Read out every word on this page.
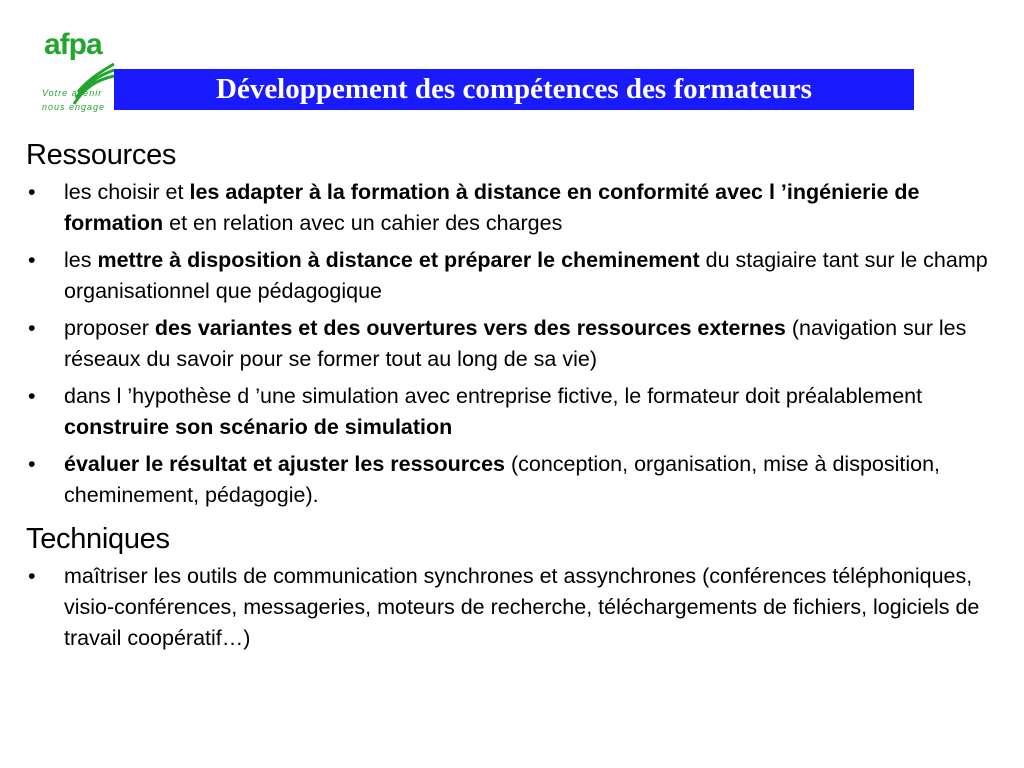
afpa
Votre avenir
nous engage
Développement des compétences des formateurs
Ressources
• les choisir et les adapter à la formation à distance en conformité avec l ’ingénierie de formation et en relation avec un cahier des charges
• les mettre à disposition à distance et préparer le cheminement du stagiaire tant sur le champ organisationnel que pédagogique
• proposer des variantes et des ouvertures vers des ressources externes (navigation sur les réseaux du savoir pour se former tout au long de sa vie)
• dans l ’hypothèse d ’une simulation avec entreprise fictive, le formateur doit préalablement construire son scénario de simulation
• évaluer le résultat et ajuster les ressources (conception, organisation, mise à disposition, cheminement, pédagogie).
Techniques
• maîtriser les outils de communication synchrones et assynchrones (conférences téléphoniques, visio-conférences, messageries, moteurs de recherche, téléchargements de fichiers, logiciels de travail coopératif…)
